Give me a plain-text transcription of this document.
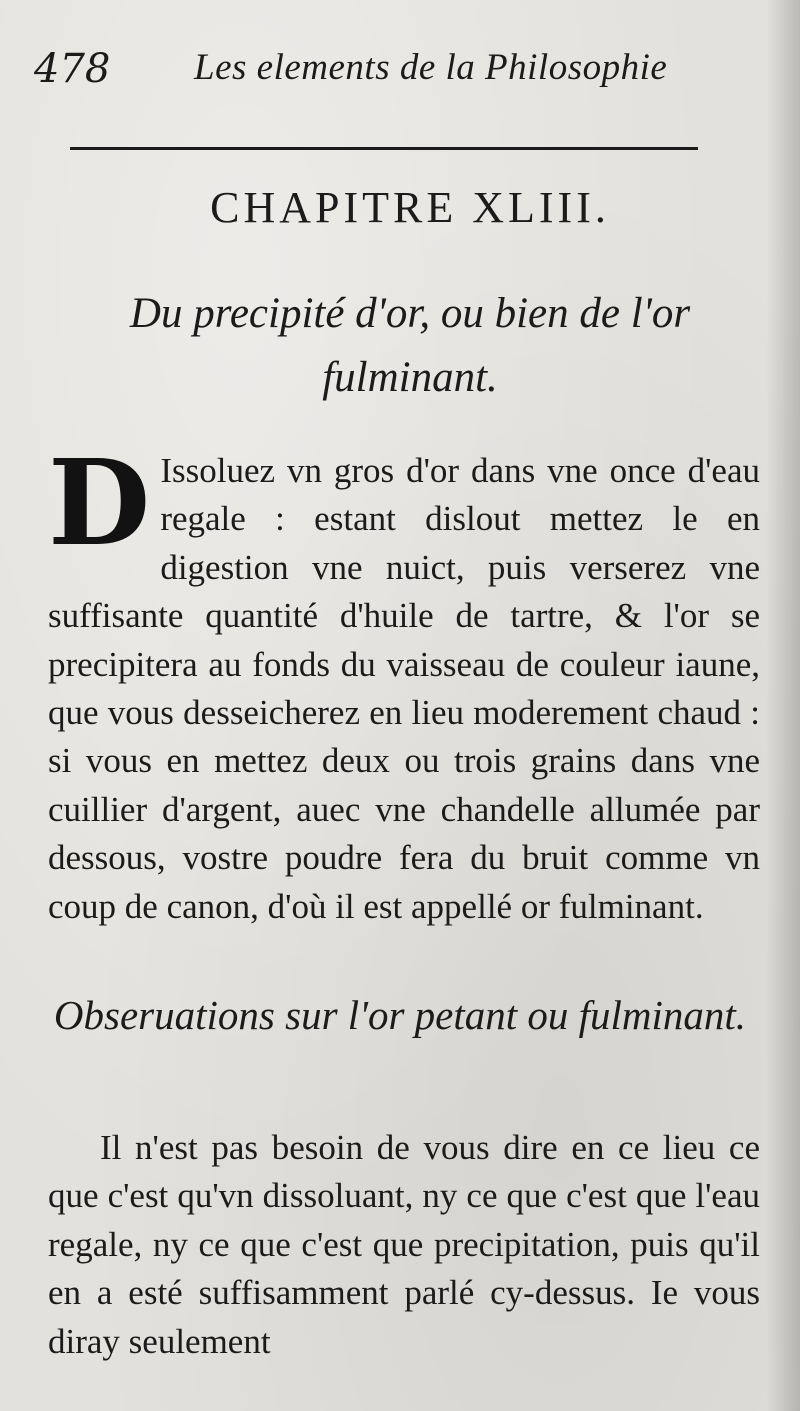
478 Les elements de la Philosophie
CHAPITRE XLIII.
Du precipité d'or, ou bien de l'or fulminant.
D Issoluez vn gros d'or dans vne once d'eau regale : estant dislout mettez le en digestion vne nuict, puis verserez vne suffisante quantité d'huile de tartre, & l'or se precipitera au fonds du vaisseau de couleur iaune, que vous desseicherez en lieu moderement chaud : si vous en mettez deux ou trois grains dans vne cuillier d'argent, auec vne chandelle allumée par dessous, vostre poudre fera du bruit comme vn coup de canon, d'où il est appellé or fulminant.
Obseruations sur l'or petant ou fulminant.
Il n'est pas besoin de vous dire en ce lieu ce que c'est qu'vn dissoluant, ny ce que c'est que l'eau regale, ny ce que c'est que precipitation, puis qu'il en a esté suffisamment parlé cy-dessus. Ie vous diray seulement
